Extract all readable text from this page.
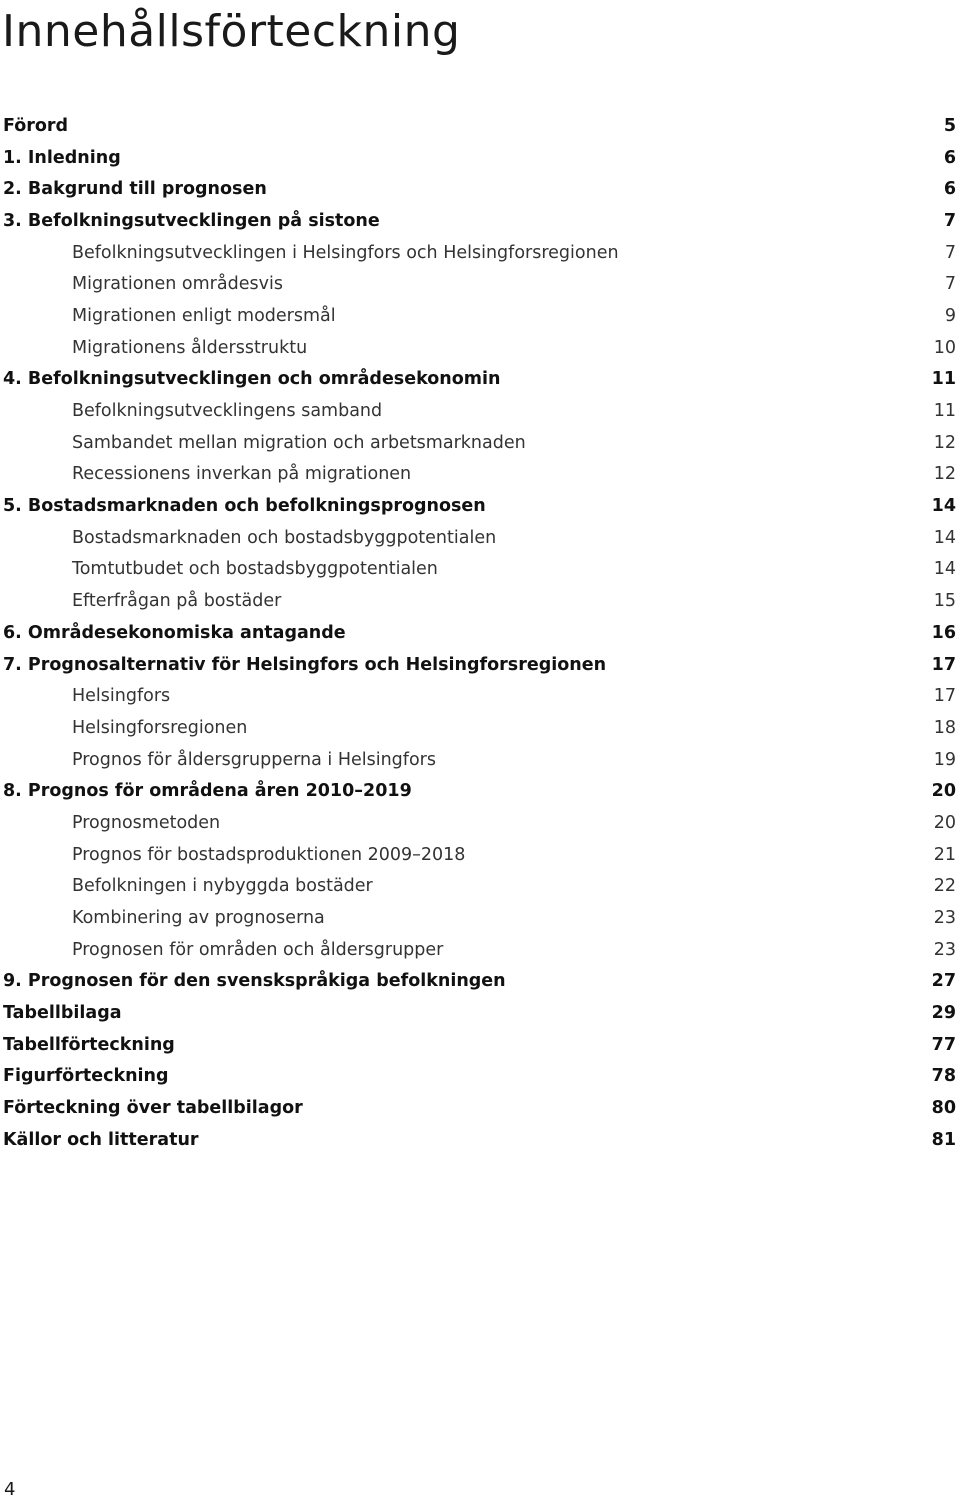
Innehållsförteckning
Förord	5
1. Inledning	6
2. Bakgrund till prognosen	6
3. Befolkningsutvecklingen på sistone	7
Befolkningsutvecklingen i Helsingfors och Helsingforsregionen	7
Migrationen områdesvis	7
Migrationen enligt modersmål	9
Migrationens åldersstruktu	10
4. Befolkningsutvecklingen och områdesekonomin	11
Befolkningsutvecklingens samband	11
Sambandet mellan migration och arbetsmarknaden	12
Recessionens inverkan på migrationen	12
5. Bostadsmarknaden och befolkningsprognosen	14
Bostadsmarknaden och bostadsbyggpotentialen	14
Tomtutbudet och bostadsbyggpotentialen	14
Efterfrågan på bostäder	15
6. Områdesekonomiska antagande	16
7. Prognosalternativ för Helsingfors och Helsingforsregionen	17
Helsingfors	17
Helsingforsregionen	18
Prognos för åldersgrupperna i Helsingfors	19
8. Prognos för områdena åren 2010–2019	20
Prognosmetoden	20
Prognos för bostadsproduktionen 2009–2018	21
Befolkningen i nybyggda bostäder	22
Kombinering av prognoserna	23
Prognosen för områden och åldersgrupper	23
9. Prognosen för den svenskspråkiga befolkningen	27
Tabellbilaga	29
Tabellförteckning	77
Figurförteckning	78
Förteckning över tabellbilagor	80
Källor och litteratur	81
4
